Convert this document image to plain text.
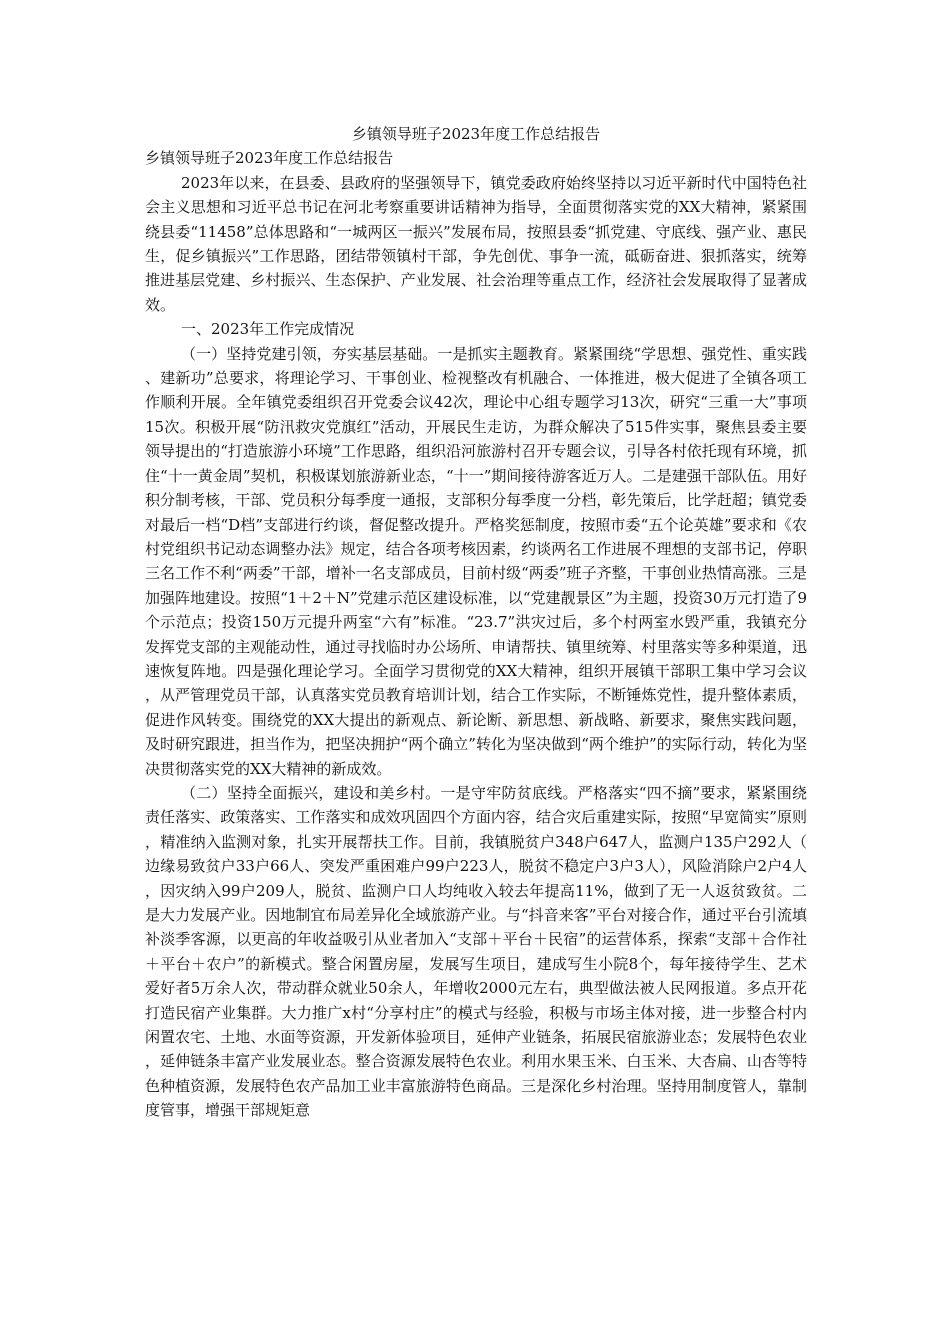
乡镇领导班子2023年度工作总结报告

乡镇领导班子2023年度工作总结报告

2023年以来，在县委、县政府的坚强领导下，镇党委政府始终坚持以习近平新时代中国特色社会主义思想和习近平总书记在河北考察重要讲话精神为指导，全面贯彻落实党的XX大精神，紧紧围绕县委“11458”总体思路和“一城两区一振兴”发展布局，按照县委“抓党建、守底线、强产业、惠民生，促乡镇振兴”工作思路，团结带领镇村干部，争先创优、事争一流，砥砺奋进、狠抓落实，统筹推进基层党建、乡村振兴、生态保护、产业发展、社会治理等重点工作，经济社会发展取得了显著成效。

一、2023年工作完成情况

（一）坚持党建引领，夯实基层基础。一是抓实主题教育。紧紧围绕“学思想、强党性、重实践、建新功”总要求，将理论学习、干事创业、检视整改有机融合、一体推进，极大促进了全镇各项工作顺利开展。全年镇党委组织召开党委会议42次，理论中心组专题学习13次，研究“三重一大”事项15次。积极开展“防汛救灾党旗红”活动，开展民生走访，为群众解决了515件实事，聚焦县委主要领导提出的“打造旅游小环境”工作思路，组织沿河旅游村召开专题会议，引导各村依托现有环境，抓住“十一黄金周”契机，积极谋划旅游新业态，“十一”期间接待游客近万人。二是建强干部队伍。用好积分制考核，干部、党员积分每季度一通报，支部积分每季度一分档，彰先策后，比学赶超；镇党委对最后一档“D档”支部进行约谈，督促整改提升。严格奖惩制度，按照市委“五个论英雄”要求和《农村党组织书记动态调整办法》规定，结合各项考核因素，约谈两名工作进展不理想的支部书记，停职三名工作不利“两委”干部，增补一名支部成员，目前村级“两委”班子齐整，干事创业热情高涨。三是加强阵地建设。按照“1＋2＋N”党建示范区建设标准，以“党建靓景区”为主题，投资30万元打造了9个示范点；投资150万元提升两室“六有”标准。“23.7”洪灾过后，多个村两室水毁严重，我镇充分发挥党支部的主观能动性，通过寻找临时办公场所、申请帮扶、镇里统筹、村里落实等多种渠道，迅速恢复阵地。四是强化理论学习。全面学习贯彻党的XX大精神，组织开展镇干部职工集中学习会议，从严管理党员干部，认真落实党员教育培训计划，结合工作实际，不断锤炼党性，提升整体素质，促进作风转变。围绕党的XX大提出的新观点、新论断、新思想、新战略、新要求，聚焦实践问题，及时研究跟进，担当作为，把坚决拥护“两个确立”转化为坚决做到“两个维护”的实际行动，转化为坚决贯彻落实党的XX大精神的新成效。

（二）坚持全面振兴，建设和美乡村。一是守牢防贫底线。严格落实“四不摘”要求，紧紧围绕责任落实、政策落实、工作落实和成效巩固四个方面内容，结合灾后重建实际，按照“早宽简实”原则，精准纳入监测对象，扎实开展帮扶工作。目前，我镇脱贫户348户647人，监测户135户292人（边缘易致贫户33户66人、突发严重困难户99户223人，脱贫不稳定户3户3人），风险消除户2户4人，因灾纳入99户209人，脱贫、监测户口人均纯收入较去年提高11%，做到了无一人返贫致贫。二是大力发展产业。因地制宜布局差异化全域旅游产业。与“抖音来客”平台对接合作，通过平台引流填补淡季客源，以更高的年收益吸引从业者加入“支部＋平台＋民宿”的运营体系，探索“支部＋合作社＋平台＋农户”的新模式。整合闲置房屋，发展写生项目，建成写生小院8个，每年接待学生、艺术爱好者5万余人次，带动群众就业50余人，年增收2000元左右，典型做法被人民网报道。多点开花打造民宿产业集群。大力推广x村“分享村庄”的模式与经验，积极与市场主体对接，进一步整合村内闲置农宅、土地、水面等资源，开发新体验项目，延伸产业链条，拓展民宿旅游业态；发展特色农业，延伸链条丰富产业发展业态。整合资源发展特色农业。利用水果玉米、白玉米、大杏扁、山杏等特色种植资源，发展特色农产品加工业丰富旅游特色商品。三是深化乡村治理。坚持用制度管人，靠制度管事，增强干部规矩意
